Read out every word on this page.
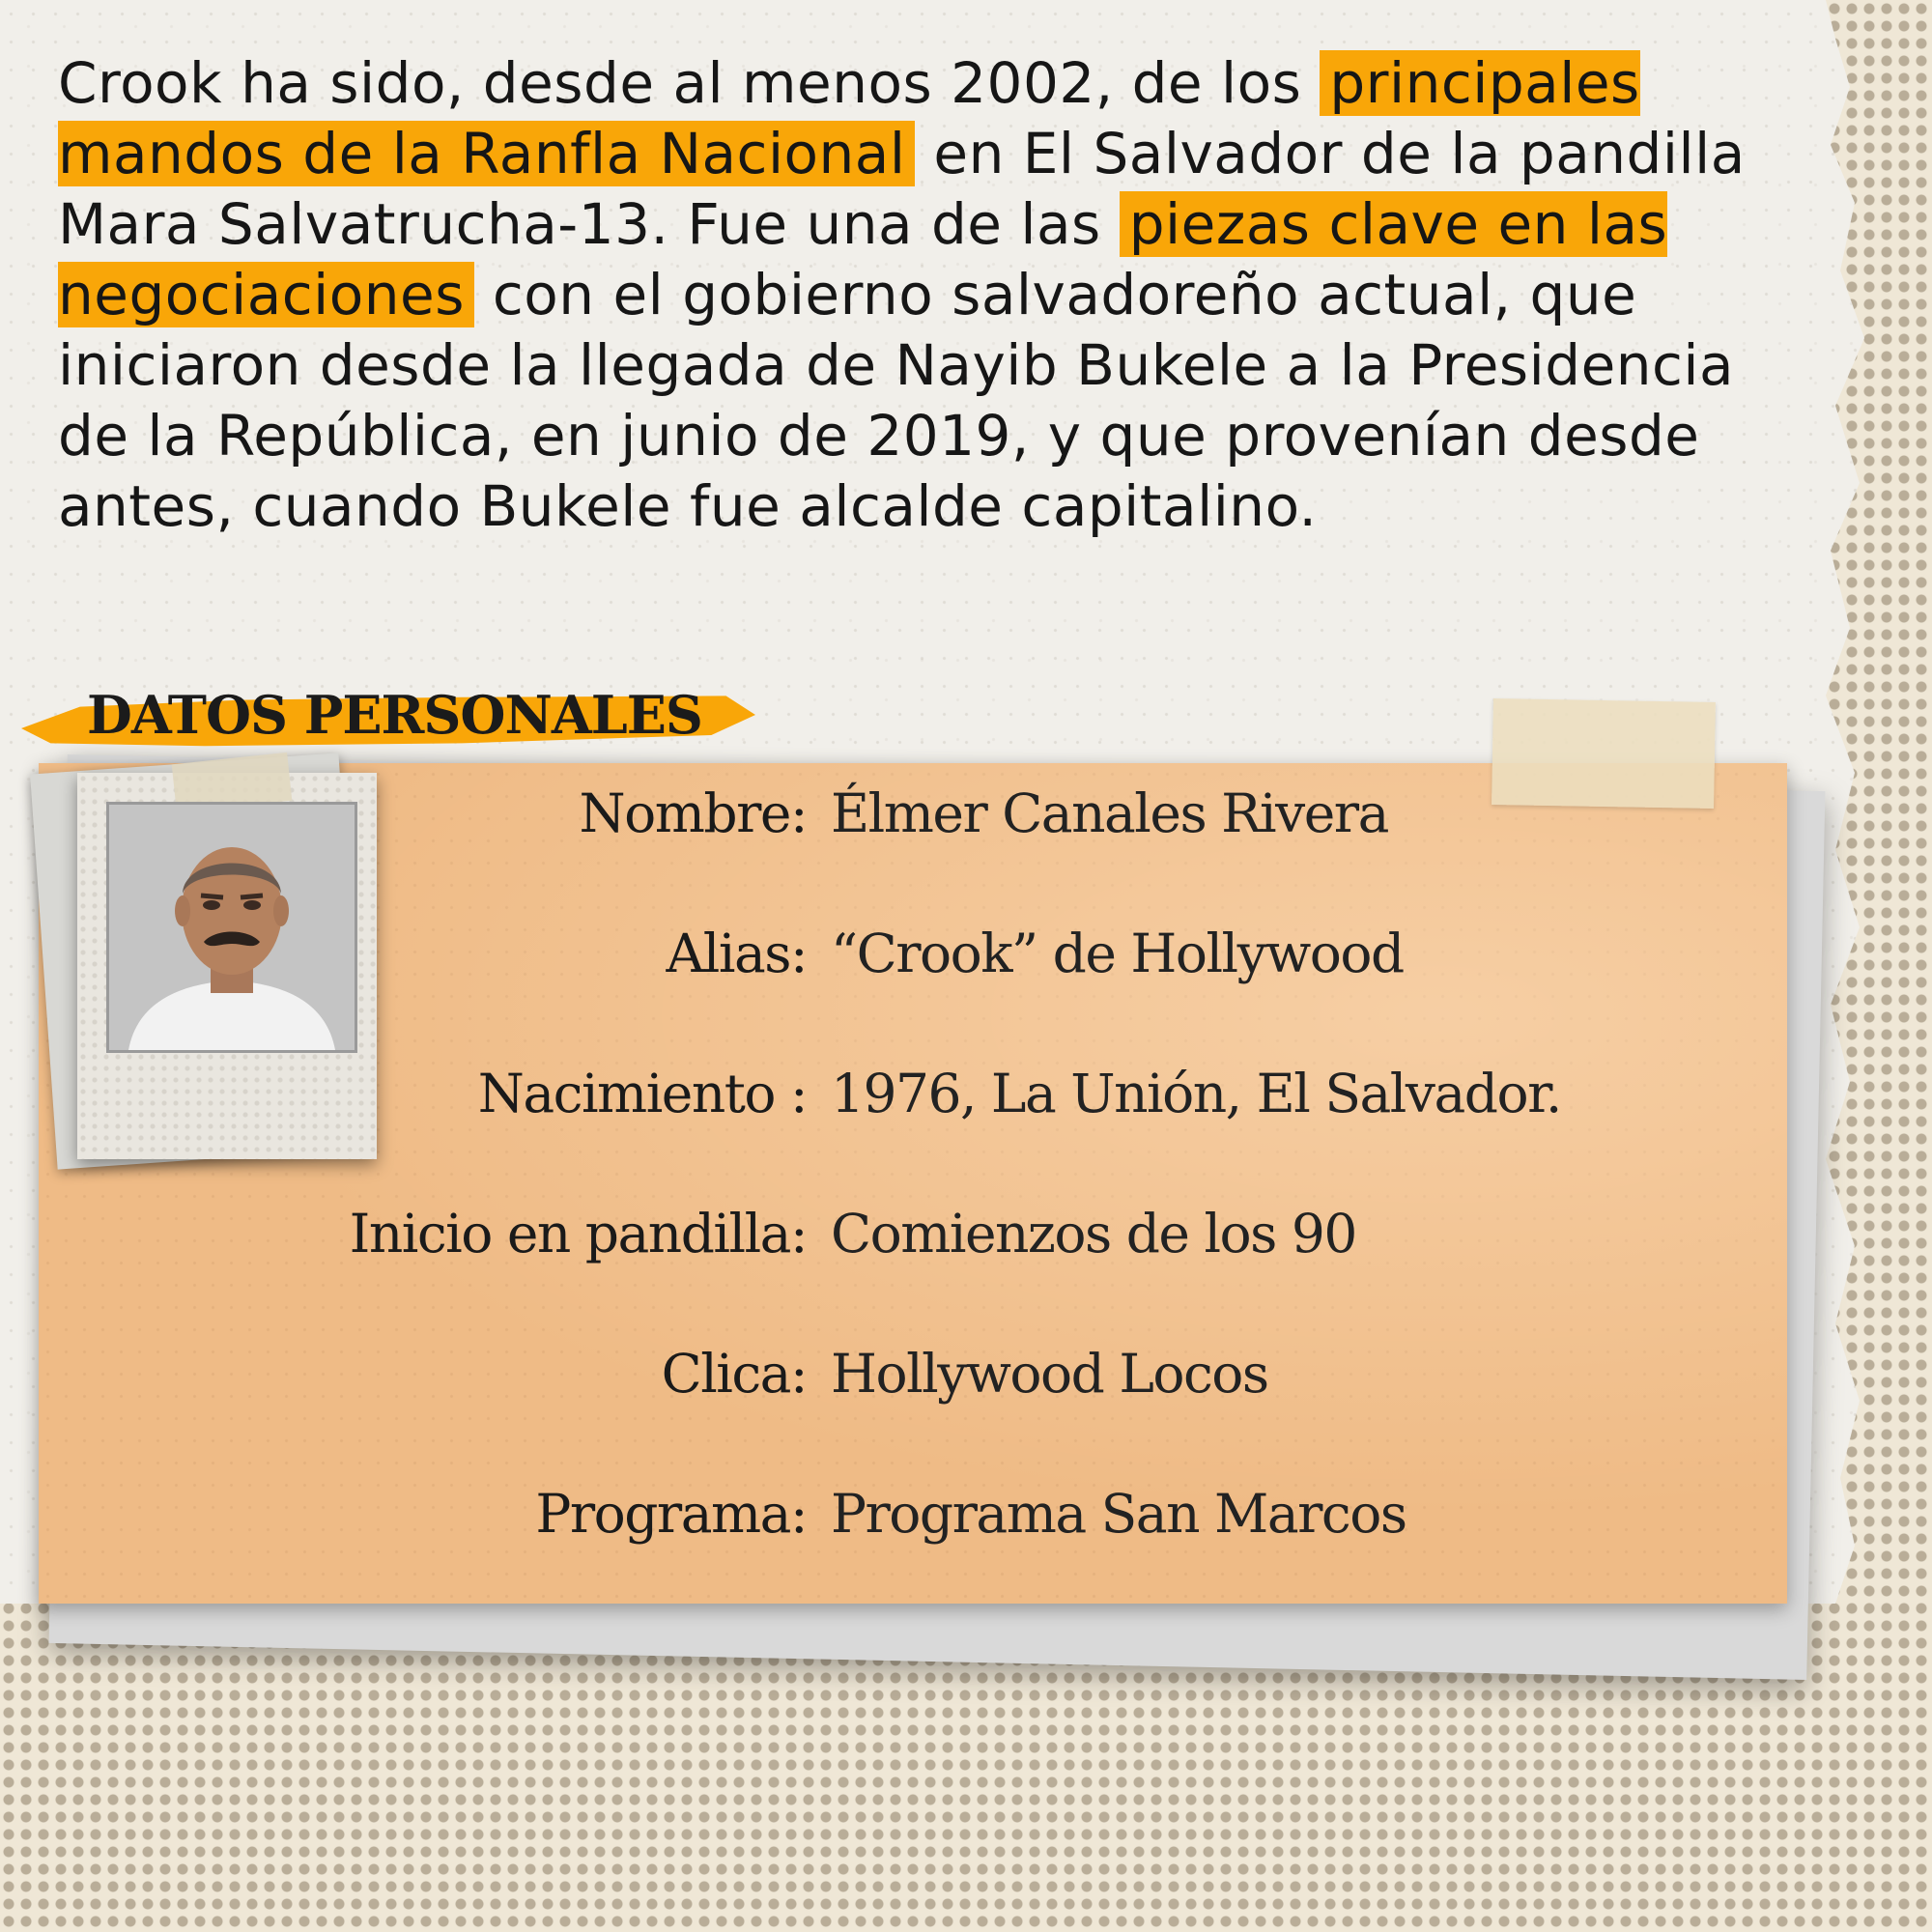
Crook ha sido, desde al menos 2002, de los principales mandos de la Ranfla Nacional en El Salvador de la pandilla Mara Salvatrucha-13. Fue una de las piezas clave en las negociaciones con el gobierno salvadoreño actual, que iniciaron desde la llegada de Nayib Bukele a la Presidencia de la República, en junio de 2019, y que provenían desde antes, cuando Bukele fue alcalde capitalino.

DATOS PERSONALES
Nombre: Élmer Canales Rivera
Alias: “Crook” de Hollywood
Nacimiento : 1976, La Unión, El Salvador.
Inicio en pandilla: Comienzos de los 90
Clica: Hollywood Locos
Programa: Programa San Marcos
